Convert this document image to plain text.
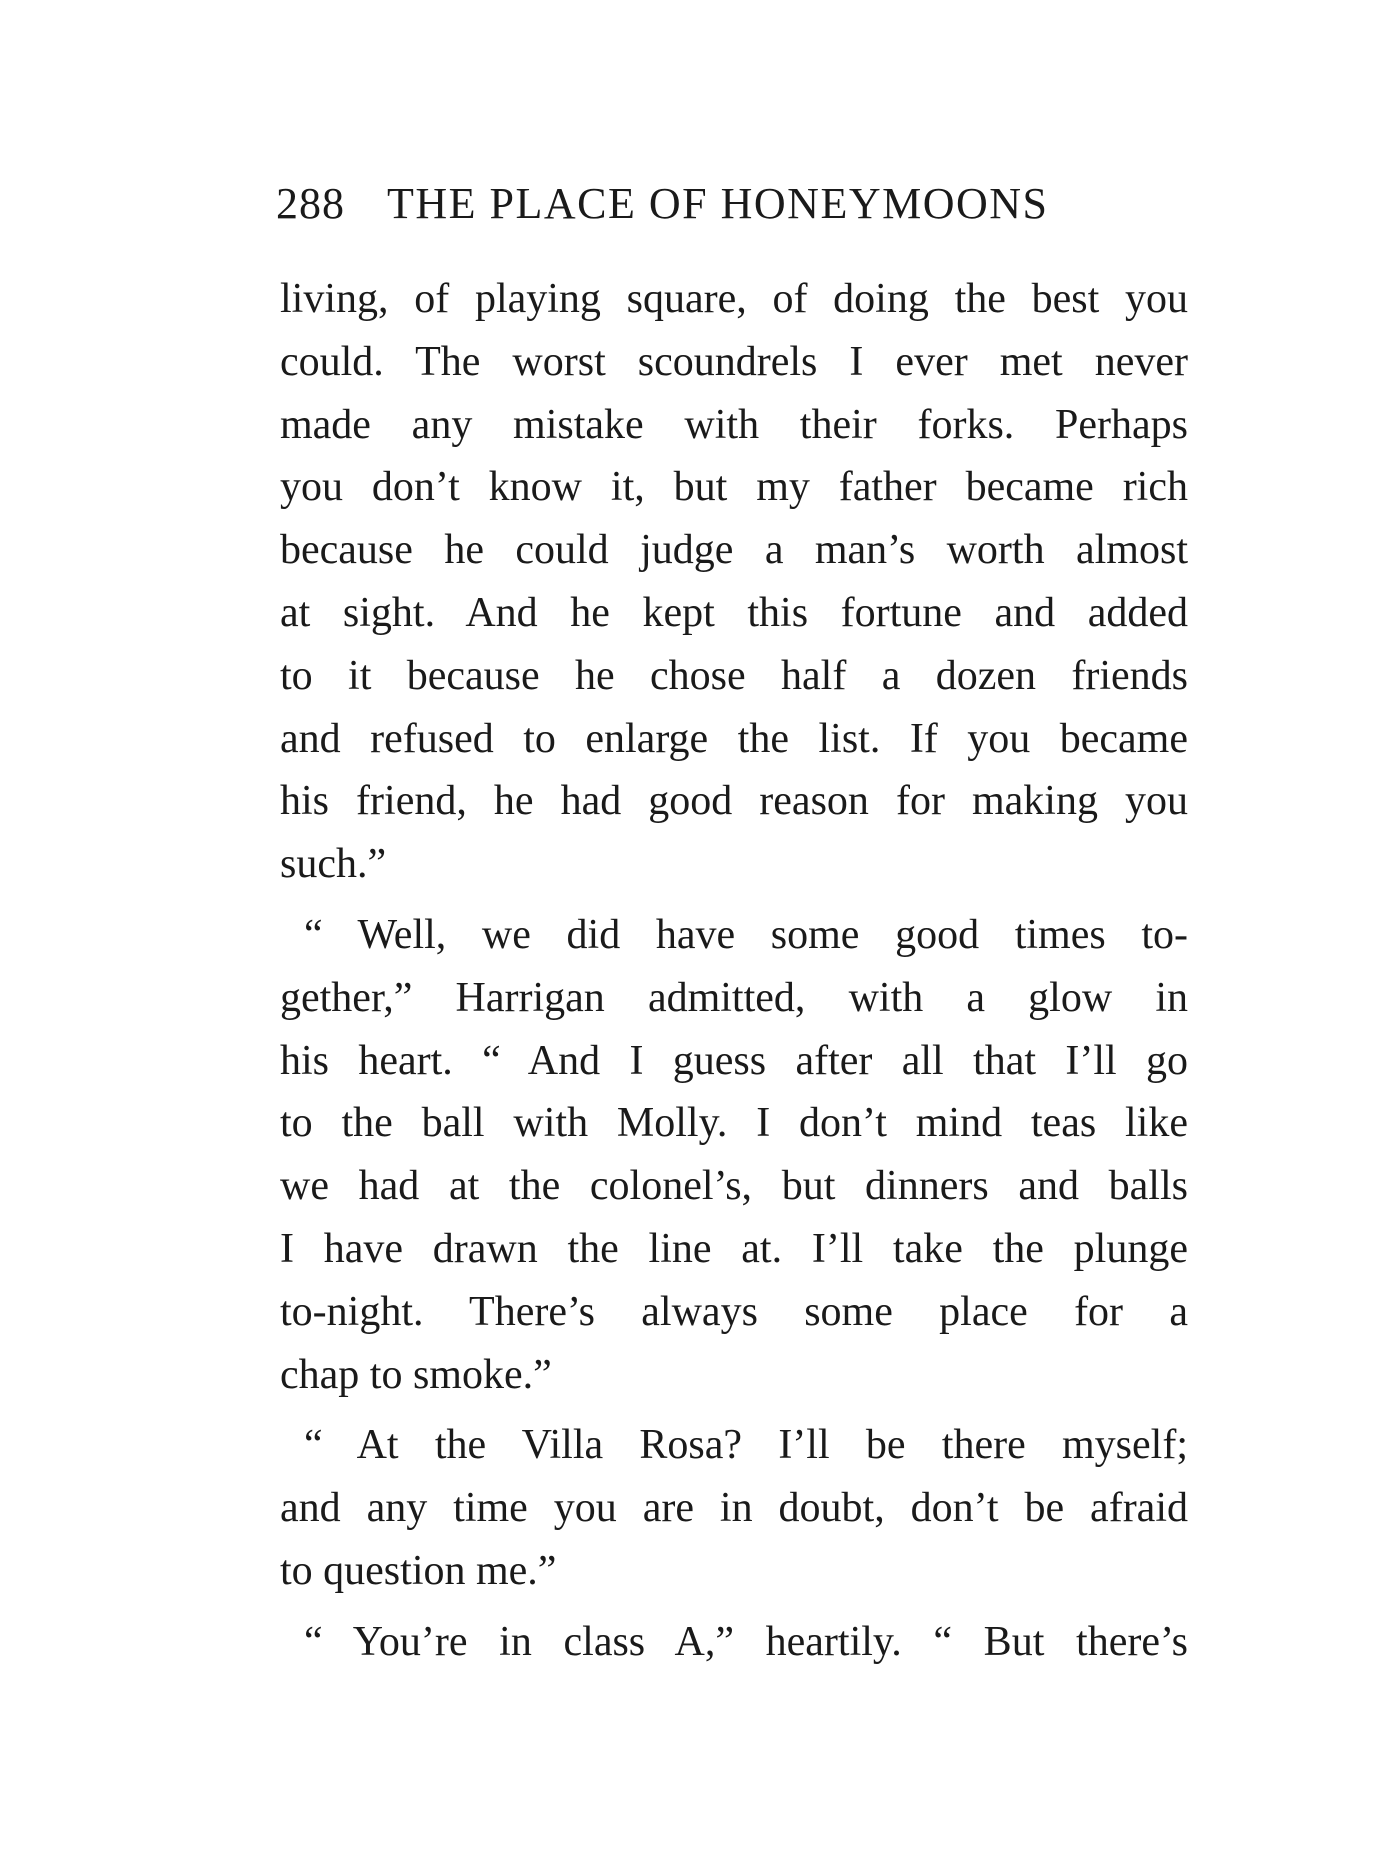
288 THE PLACE OF HONEYMOONS
living, of playing square, of doing the best you
could. The worst scoundrels I ever met never
made any mistake with their forks. Perhaps
you don’t know it, but my father became rich
because he could judge a man’s worth almost
at sight. And he kept this fortune and added
to it because he chose half a dozen friends
and refused to enlarge the list. If you became
his friend, he had good reason for making you
such.”
“ Well, we did have some good times to-
gether,” Harrigan admitted, with a glow in
his heart. “ And I guess after all that I’ll go
to the ball with Molly. I don’t mind teas like
we had at the colonel’s, but dinners and balls
I have drawn the line at. I’ll take the plunge
to-night. There’s always some place for a
chap to smoke.”
“ At the Villa Rosa? I’ll be there myself;
and any time you are in doubt, don’t be afraid
to question me.”
“ You’re in class A,” heartily. “ But there’s
